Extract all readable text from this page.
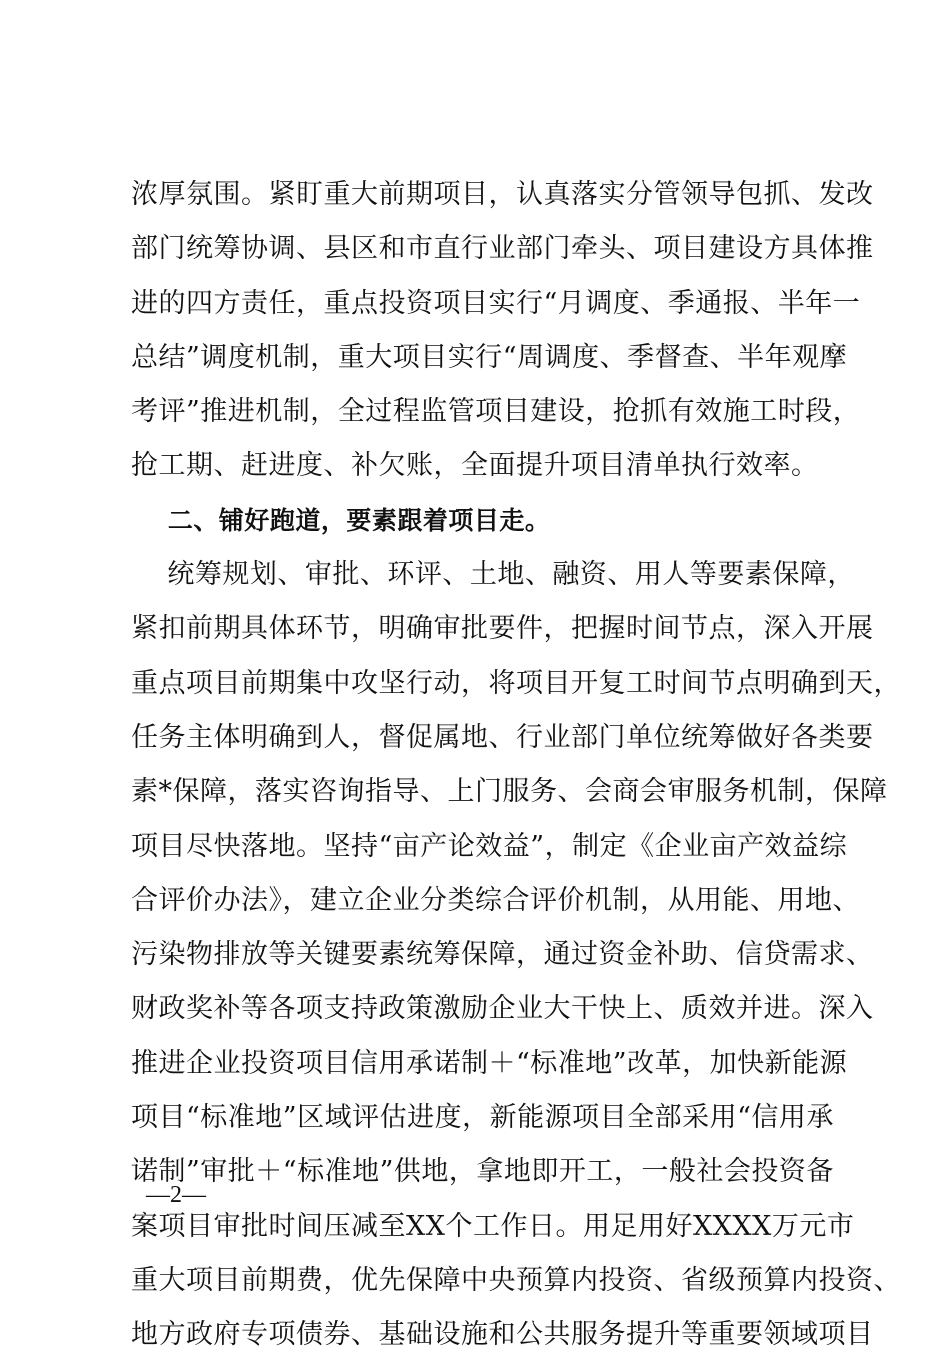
浓厚氛围。紧盯重大前期项目，认真落实分管领导包抓、发改
部门统筹协调、县区和市直行业部门牵头、项目建设方具体推
进的四方责任，重点投资项目实行“月调度、季通报、半年一
总结”调度机制，重大项目实行“周调度、季督查、半年观摩
考评”推进机制，全过程监管项目建设，抢抓有效施工时段，
抢工期、赶进度、补欠账，全面提升项目清单执行效率。
二、铺好跑道，要素跟着项目走。
统筹规划、审批、环评、土地、融资、用人等要素保障，
紧扣前期具体环节，明确审批要件，把握时间节点，深入开展
重点项目前期集中攻坚行动，将项目开复工时间节点明确到天，
任务主体明确到人，督促属地、行业部门单位统筹做好各类要
素*保障，落实咨询指导、上门服务、会商会审服务机制，保障
项目尽快落地。坚持“亩产论效益”，制定《企业亩产效益综
合评价办法》，建立企业分类综合评价机制，从用能、用地、
污染物排放等关键要素统筹保障，通过资金补助、信贷需求、
财政奖补等各项支持政策激励企业大干快上、质效并进。深入
推进企业投资项目信用承诺制＋“标准地”改革，加快新能源
项目“标准地”区域评估进度，新能源项目全部采用“信用承
诺制”审批＋“标准地”供地，拿地即开工，一般社会投资备
案项目审批时间压减至XX个工作日。用足用好XXXX万元市
重大项目前期费，优先保障中央预算内投资、省级预算内投资、
地方政府专项债券、基础设施和公共服务提升等重要领域项目
—2—
